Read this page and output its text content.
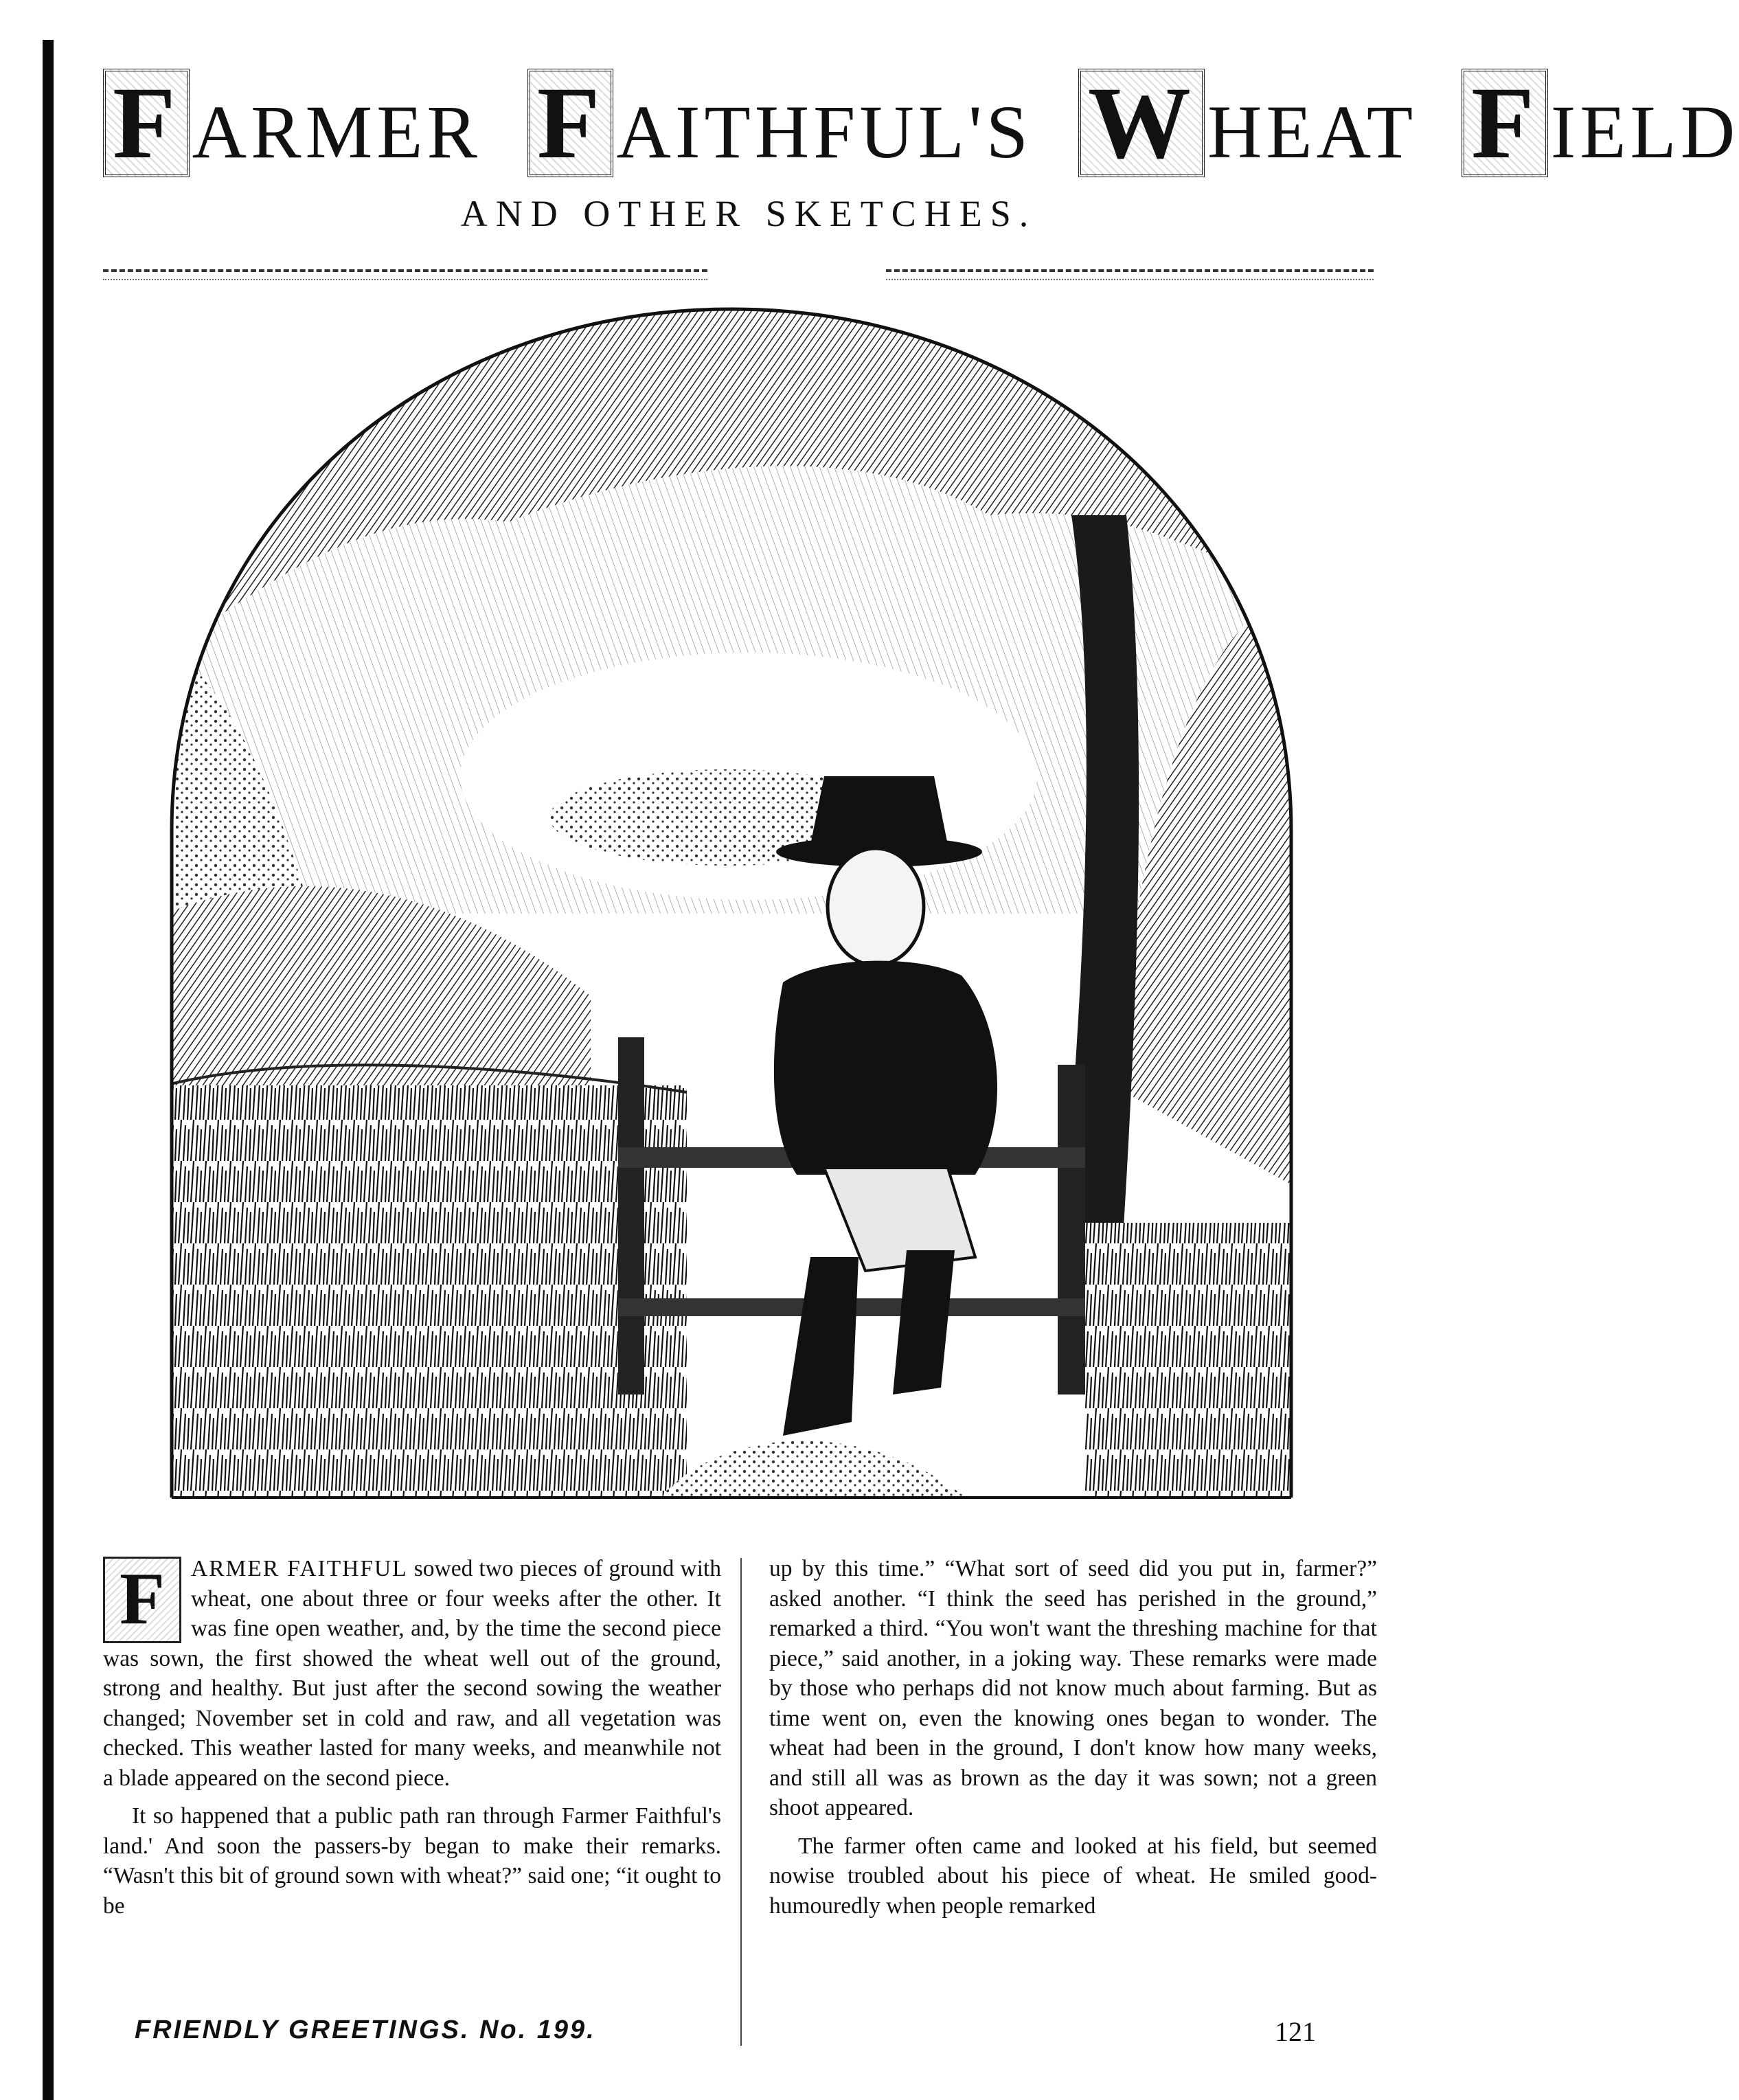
F ARMER F AITHFUL'S W HEAT F IELD
AND OTHER SKETCHES.

F	ARMER FAITHFUL sowed two pieces of ground with wheat, one about three or four weeks after the other. It was fine open weather, and, by the time the second piece was sown, the first showed the wheat well out of the ground, strong and healthy. But just after the second sowing the weather changed; November set in cold and raw, and all vegetation was checked. This weather lasted for many weeks, and meanwhile not a blade appeared on the second piece.

It so happened that a public path ran through Farmer Faithful's land.' And soon the passers-by began to make their remarks. “Wasn't this bit of ground sown with wheat?” said one; “it ought to be

up by this time.” “What sort of seed did you put in, farmer?” asked another. “I think the seed has perished in the ground,” remarked a third. “You won't want the threshing machine for that piece,” said another, in a joking way. These remarks were made by those who perhaps did not know much about farming. But as time went on, even the knowing ones began to wonder. The wheat had been in the ground, I don't know how many weeks, and still all was as brown as the day it was sown; not a green shoot appeared.

The farmer often came and looked at his field, but seemed nowise troubled about his piece of wheat. He smiled good-humouredly when people remarked

FRIENDLY GREETINGS. No. 199.	121
